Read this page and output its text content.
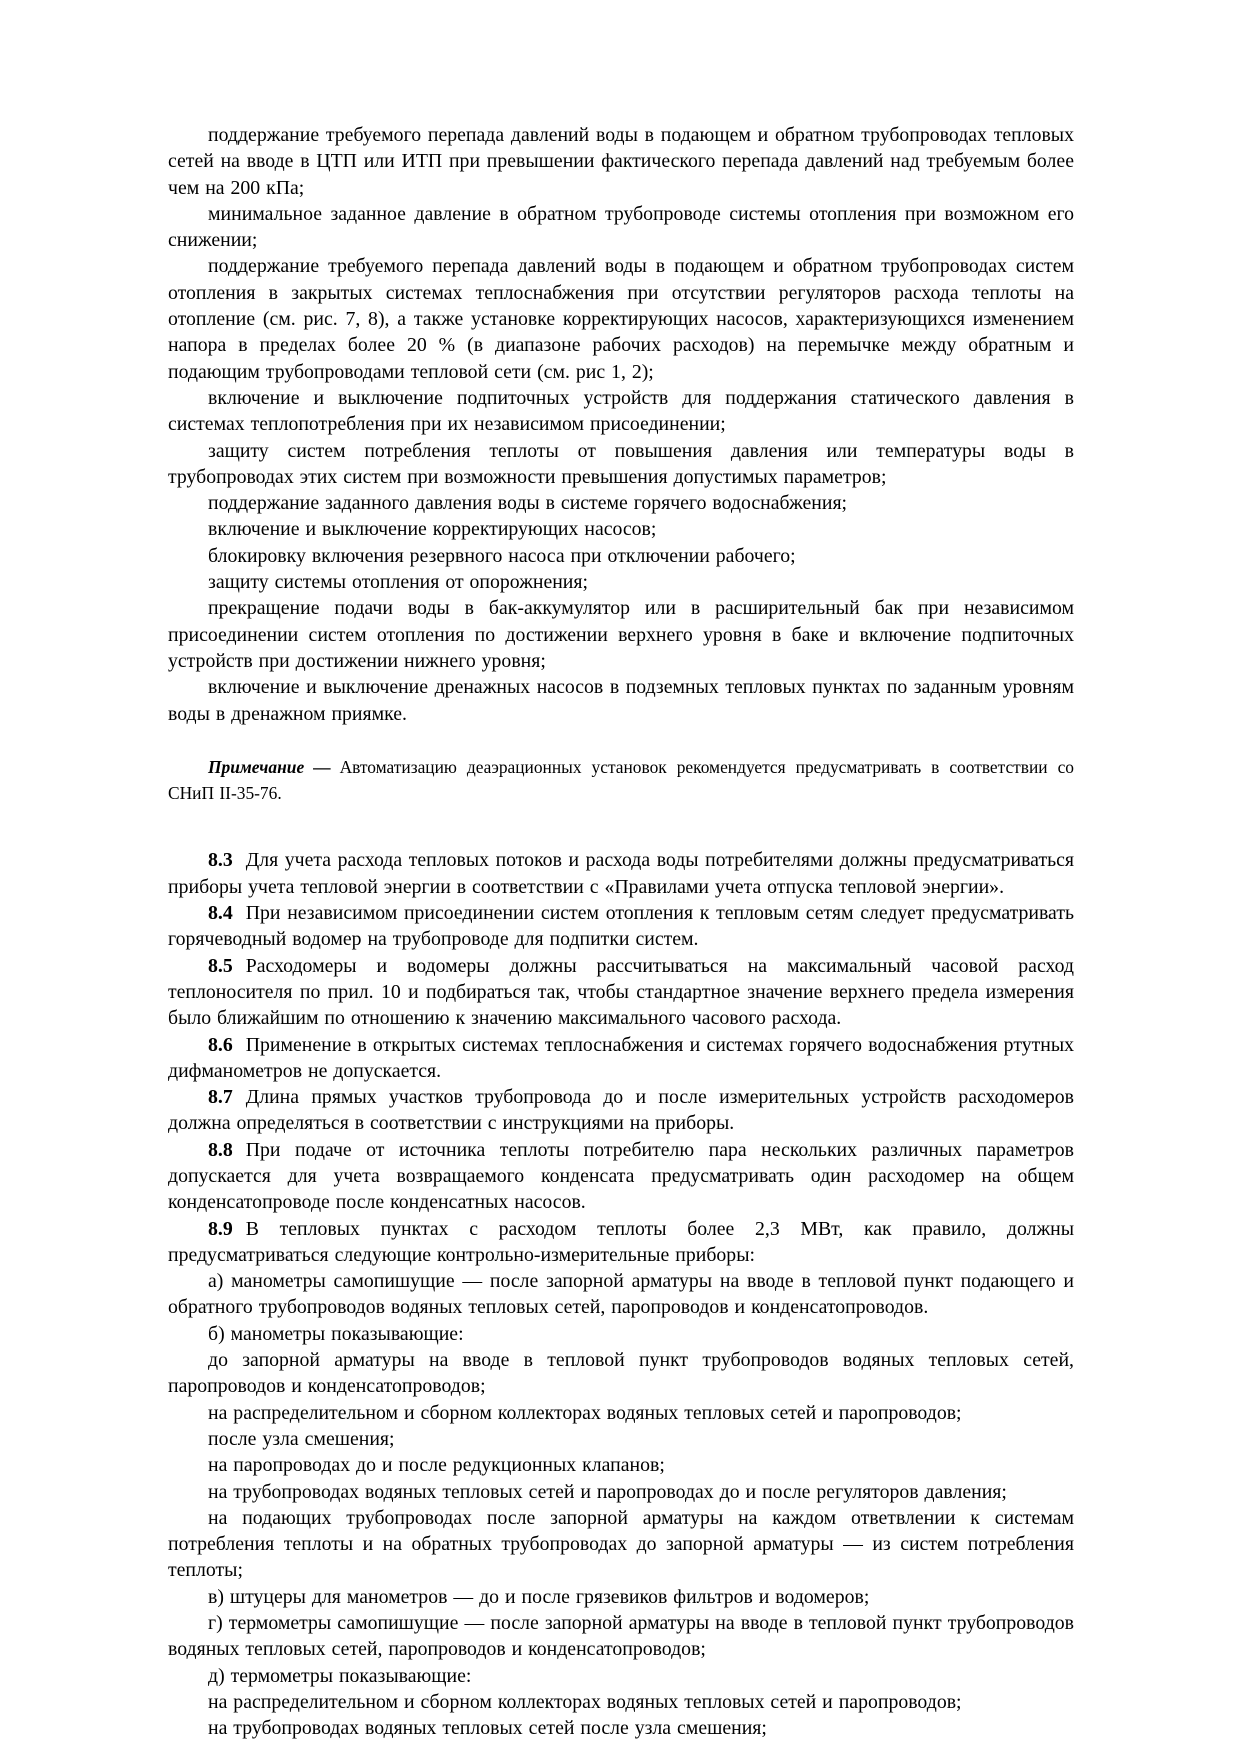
поддержание требуемого перепада давлений воды в подающем и обратном трубопроводах тепловых сетей на вводе в ЦТП или ИТП при превышении фактического перепада давлений над требуемым более чем на 200 кПа;

минимальное заданное давление в обратном трубопроводе системы отопления при возможном его снижении;

поддержание требуемого перепада давлений воды в подающем и обратном трубопроводах систем отопления в закрытых системах теплоснабжения при отсутствии регуляторов расхода теплоты на отопление (см. рис. 7, 8), а также установке корректирующих насосов, характеризующихся изменением напора в пределах более 20 % (в диапазоне рабочих расходов) на перемычке между обратным и подающим трубопроводами тепловой сети (см. рис 1, 2);

включение и выключение подпиточных устройств для поддержания статического давления в системах теплопотребления при их независимом присоединении;

защиту систем потребления теплоты от повышения давления или температуры воды в трубопроводах этих систем при возможности превышения допустимых параметров;

поддержание заданного давления воды в системе горячего водоснабжения;

включение и выключение корректирующих насосов;

блокировку включения резервного насоса при отключении рабочего;

защиту системы отопления от опорожнения;

прекращение подачи воды в бак-аккумулятор или в расширительный бак при независимом присоединении систем отопления по достижении верхнего уровня в баке и включение подпиточных устройств при достижении нижнего уровня;

включение и выключение дренажных насосов в подземных тепловых пунктах по заданным уровням воды в дренажном приямке.

Примечание — Автоматизацию деаэрационных установок рекомендуется предусматривать в соответствии со СНиП II-35-76.

8.3 Для учета расхода тепловых потоков и расхода воды потребителями должны предусматриваться приборы учета тепловой энергии в соответствии с «Правилами учета отпуска тепловой энергии».

8.4 При независимом присоединении систем отопления к тепловым сетям следует предусматривать горячеводный водомер на трубопроводе для подпитки систем.

8.5 Расходомеры и водомеры должны рассчитываться на максимальный часовой расход теплоносителя по прил. 10 и подбираться так, чтобы стандартное значение верхнего предела измерения было ближайшим по отношению к значению максимального часового расхода.

8.6 Применение в открытых системах теплоснабжения и системах горячего водоснабжения ртутных дифманометров не допускается.

8.7 Длина прямых участков трубопровода до и после измерительных устройств расходомеров должна определяться в соответствии с инструкциями на приборы.

8.8 При подаче от источника теплоты потребителю пара нескольких различных параметров допускается для учета возвращаемого конденсата предусматривать один расходомер на общем конденсатопроводе после конденсатных насосов.

8.9 В тепловых пунктах с расходом теплоты более 2,3 МВт, как правило, должны предусматриваться следующие контрольно-измерительные приборы:

а) манометры самопишущие — после запорной арматуры на вводе в тепловой пункт подающего и обратного трубопроводов водяных тепловых сетей, паропроводов и конденсатопроводов.

б) манометры показывающие:

до запорной арматуры на вводе в тепловой пункт трубопроводов водяных тепловых сетей, паропроводов и конденсатопроводов;

на распределительном и сборном коллекторах водяных тепловых сетей и паропроводов;

после узла смешения;

на паропроводах до и после редукционных клапанов;

на трубопроводах водяных тепловых сетей и паропроводах до и после регуляторов давления;

на подающих трубопроводах после запорной арматуры на каждом ответвлении к системам потребления теплоты и на обратных трубопроводах до запорной арматуры — из систем потребления теплоты;

в) штуцеры для манометров — до и после грязевиков фильтров и водомеров;

г) термометры самопишущие — после запорной арматуры на вводе в тепловой пункт трубопроводов водяных тепловых сетей, паропроводов и конденсатопроводов;

д) термометры показывающие:

на распределительном и сборном коллекторах водяных тепловых сетей и паропроводов;

на трубопроводах водяных тепловых сетей после узла смешения;
